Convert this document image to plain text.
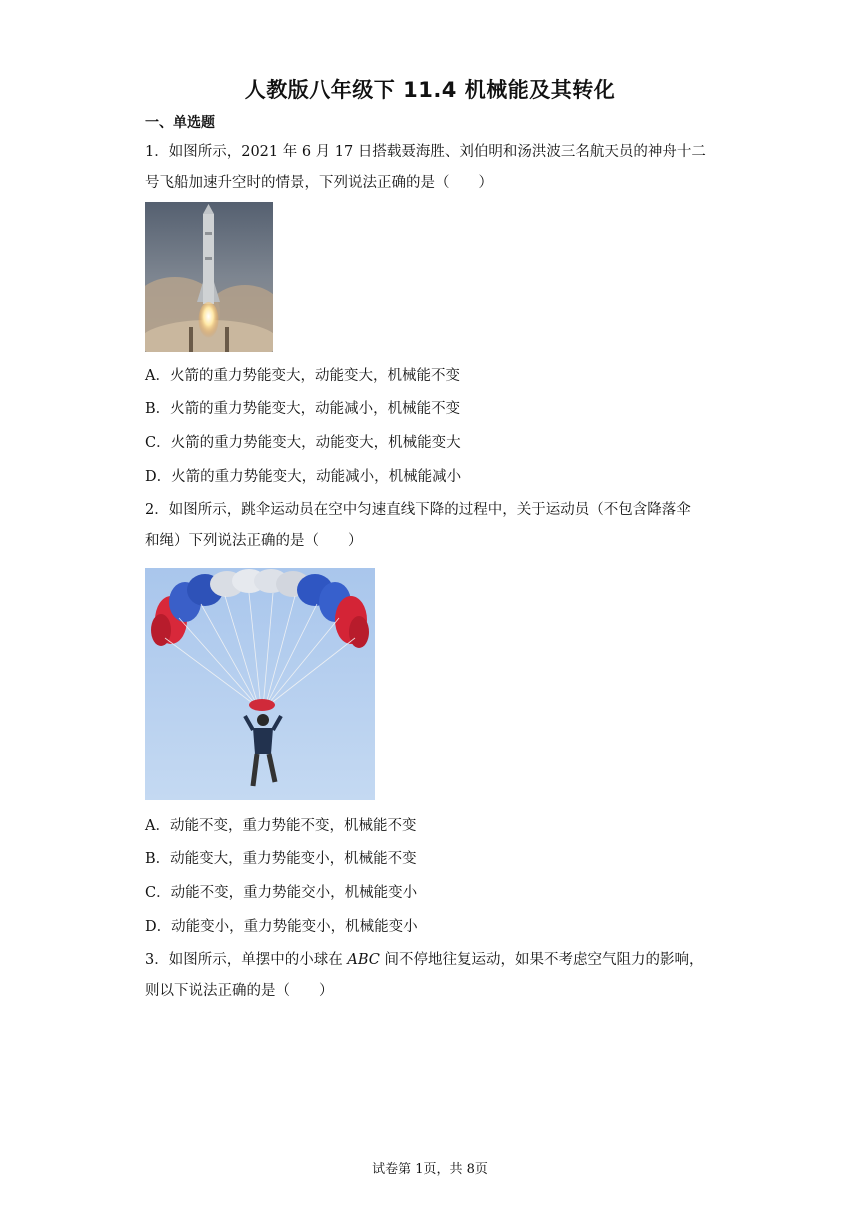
人教版八年级下 11.4 机械能及其转化
一、单选题
1．如图所示，2021 年 6 月 17 日搭载聂海胜、刘伯明和汤洪波三名航天员的神舟十二
号飞船加速升空时的情景，下列说法正确的是（　　）
A．火箭的重力势能变大，动能变大，机械能不变
B．火箭的重力势能变大，动能减小，机械能不变
C．火箭的重力势能变大，动能变大，机械能变大
D．火箭的重力势能变大，动能减小，机械能减小
2．如图所示，跳伞运动员在空中匀速直线下降的过程中，关于运动员（不包含降落伞
和绳）下列说法正确的是（　　）
A．动能不变，重力势能不变，机械能不变
B．动能变大，重力势能变小，机械能不变
C．动能不变，重力势能交小，机械能变小
D．动能变小，重力势能变小，机械能变小
3．如图所示，单摆中的小球在 ABC 间不停地往复运动，如果不考虑空气阻力的影响，
则以下说法正确的是（　　）
试卷第 1页，共 8页
